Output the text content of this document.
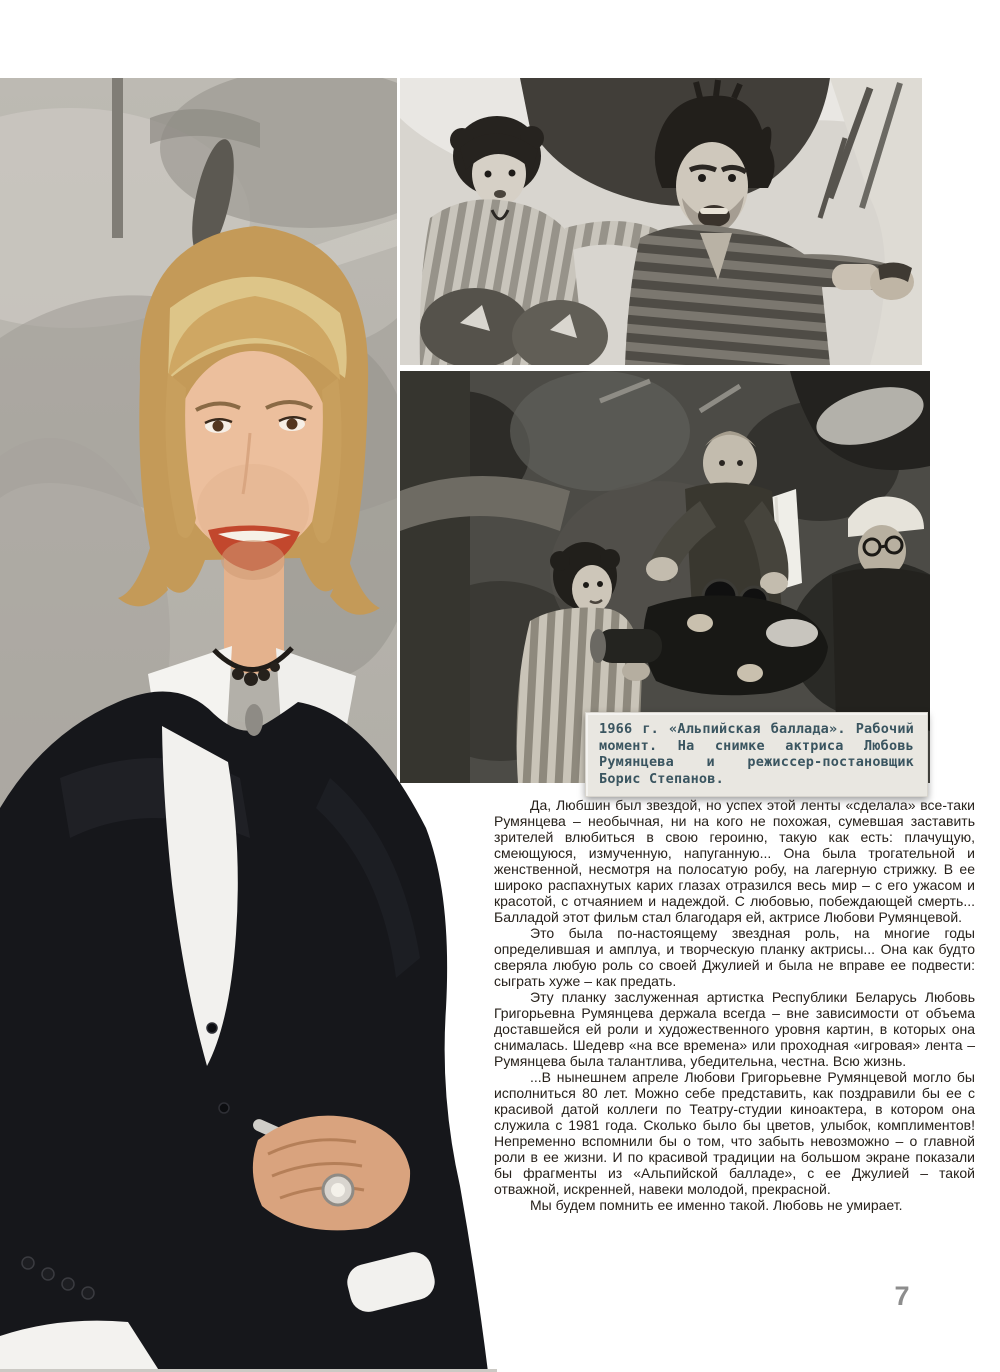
1966 г. «Альпийская баллада». Рабочий момент. На снимке актриса Любовь Румянцева и режиссер-постановщик Борис Степанов.

Да, Любшин был звездой, но успех этой ленты «сделала» все-таки Румянцева – необычная, ни на кого не похожая, сумевшая заставить зрителей влюбиться в свою героиню, такую как есть: плачущую, смеющуюся, измученную, напуганную... Она была трогательной и женственной, несмотря на полосатую робу, на лагерную стрижку. В ее широко распахнутых карих глазах отразился весь мир – с его ужасом и красотой, с отчаянием и надеждой. С любовью, побеждающей смерть... Балладой этот фильм стал благодаря ей, актрисе Любови Румянцевой.

Это была по-настоящему звездная роль, на многие годы определившая и амплуа, и творческую планку актрисы... Она как будто сверяла любую роль со своей Джулией и была не вправе ее подвести: сыграть хуже – как предать.

Эту планку заслуженная артистка Республики Беларусь Любовь Григорьевна Румянцева держала всегда – вне зависимости от объема доставшейся ей роли и художественного уровня картин, в которых она снималась. Шедевр «на все времена» или проходная «игровая» лента – Румянцева была талантлива, убедительна, честна. Всю жизнь.

...В нынешнем апреле Любови Григорьевне Румянцевой могло бы исполниться 80 лет. Можно себе представить, как поздравили бы ее с красивой датой коллеги по Театру-студии киноактера, в котором она служила с 1981 года. Сколько было бы цветов, улыбок, комплиментов! Непременно вспомнили бы о том, что забыть невозможно – о главной роли в ее жизни. И по красивой традиции на большом экране показали бы фрагменты из «Альпийской балладе», с ее Джулией – такой отважной, искренней, навеки молодой, прекрасной.

Мы будем помнить ее именно такой. Любовь не умирает.

7
